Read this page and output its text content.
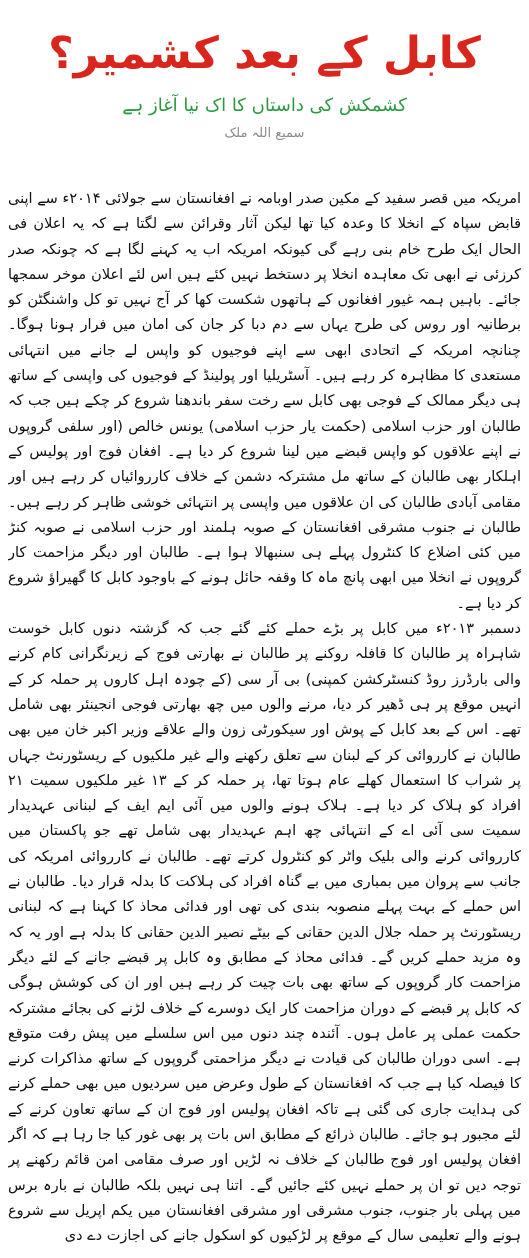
کابل کے بعد کشمیر؟
کشمکش کی داستاں کا اک نیا آغاز ہے
سمیع اللہ ملک

امریکہ میں قصر سفید کے مکین صدر اوبامہ نے افغانستان سے جولائی ۲۰۱۴ء سے اپنی قابض سپاہ کے انخلا کا وعدہ کیا تھا لیکن آثار وقرائن سے لگتا ہے کہ یہ اعلان فی الحال ایک طرح خام بنی رہے گی کیونکہ امریکہ اب یہ کہنے لگا ہے کہ چونکہ صدر کرزئی نے ابھی تک معاہدہ انخلا پر دستخط نہیں کئے ہیں اس لئے اعلان موخر سمجھا جائے۔ باہیں ہمہ غیور افغانوں کے ہاتھوں شکست کھا کر آج نہیں تو کل واشنگٹن کو برطانیہ اور روس کی طرح یہاں سے دم دبا کر جان کی امان میں فرار ہونا ہوگا۔ چنانچہ امریکہ کے اتحادی ابھی سے اپنے فوجیوں کو واپس لے جانے میں انتہائی مستعدی کا مظاہرہ کر رہے ہیں۔ آسٹریلیا اور پولینڈ کے فوجیوں کی واپسی کے ساتھ ہی دیگر ممالک کے فوجی بھی کابل سے رخت سفر باندھنا شروع کر چکے ہیں جب کہ طالبان اور حزب اسلامی (حکمت یار حزب اسلامی) یونس خالص (اور سلفی گروپوں نے اپنے علاقوں کو واپس قبضے میں لینا شروع کر دیا ہے۔ افغان فوج اور پولیس کے اہلکار بھی طالبان کے ساتھ مل مشترکہ دشمن کے خلاف کارروائیاں کر رہے ہیں اور مقامی آبادی طالبان کی ان علاقوں میں واپسی پر انتہائی خوشی ظاہر کر رہے ہیں۔ طالبان نے جنوب مشرقی افغانستان کے صوبہ ہلمند اور حزب اسلامی نے صوبہ کنڑ میں کئی اضلاع کا کنٹرول پہلے ہی سنبھالا ہوا ہے۔ طالبان اور دیگر مزاحمت کار گروپوں نے انخلا میں ابھی پانچ ماہ کا وقفہ حائل ہونے کے باوجود کابل کا گھیراؤ شروع کر دیا ہے۔

دسمبر ۲۰۱۳ء میں کابل پر بڑے حملے کئے گئے جب کہ گزشتہ دنوں کابل خوست شاہراہ پر طالبان کا قافلہ روکنے پر طالبان نے بھارتی فوج کے زیرنگرانی کام کرنے والی بارڈرز روڈ کنسٹرکشن کمپنی) بی آر سی (کے چودہ اہل کاروں پر حملہ کر کے انہیں موقع پر ہی ڈھیر کر دیا، مرنے والوں میں چھ بھارتی فوجی انجینئر بھی شامل تھے۔ اس کے بعد کابل کے پوش اور سیکورٹی زون والے علاقے وزیر اکبر خان میں بھی طالبان نے کارروائی کر کے لبنان سے تعلق رکھنے والے غیر ملکیوں کے ریسٹورنٹ جہاں پر شراب کا استعمال کھلے عام ہوتا تھا، پر حملہ کر کے ۱۳ غیر ملکیوں سمیت ۲۱ افراد کو ہلاک کر دیا ہے۔ ہلاک ہونے والوں میں آئی ایم ایف کے لبنانی عہدیدار سمیت سی آئی اے کے انتہائی چھ اہم عہدیدار بھی شامل تھے جو پاکستان میں کارروائی کرنے والی بلیک واٹر کو کنٹرول کرتے تھے۔ طالبان نے کارروائی امریکہ کی جانب سے پروان میں بمباری میں بے گناہ افراد کی ہلاکت کا بدلہ قرار دیا۔ طالبان نے اس حملے کے بہت پہلے منصوبہ بندی کی تھی اور فدائی محاذ کا کہنا ہے کہ لبنانی ریسٹورنٹ پر حملہ جلال الدین حقانی کے بیٹے نصیر الدین حقانی کا بدلہ ہے اور یہ کہ وہ مزید حملے کریں گے۔ فدائی محاذ کے مطابق وہ کابل پر قبضے جانے کے لئے دیگر مزاحمت کار گروپوں کے ساتھ بھی بات چیت کر رہے ہیں اور ان کی کوشش ہوگی کہ کابل پر قبضے کے دوران مزاحمت کار ایک دوسرے کے خلاف لڑنے کی بجائے مشترکہ حکمت عملی پر عامل ہوں۔ آئندہ چند دنوں میں اس سلسلے میں پیش رفت متوقع ہے۔ اسی دوران طالبان کی قیادت نے دیگر مزاحمتی گروپوں کے ساتھ مذاکرات کرنے کا فیصلہ کیا ہے جب کہ افغانستان کے طول وعرض میں سردیوں میں بھی حملے کرنے کی ہدایت جاری کی گئی ہے تاکہ افغان پولیس اور فوج ان کے ساتھ تعاون کرنے کے لئے مجبور ہو جائے۔ طالبان ذرائع کے مطابق اس بات پر بھی غور کیا جا رہا ہے کہ اگر افغان پولیس اور فوج طالبان کے خلاف نہ لڑیں اور صرف مقامی امن قائم رکھنے پر توجہ دیں تو ان پر حملے نہیں کئے جائیں گے۔ اتنا ہی نہیں بلکہ طالبان نے بارہ برس میں پہلی بار جنوب، جنوب مشرقی اور مشرقی افغانستان میں یکم اپریل سے شروع ہونے والے تعلیمی سال کے موقع پر لڑکیوں کو اسکول جانے کی اجازت دے دی
